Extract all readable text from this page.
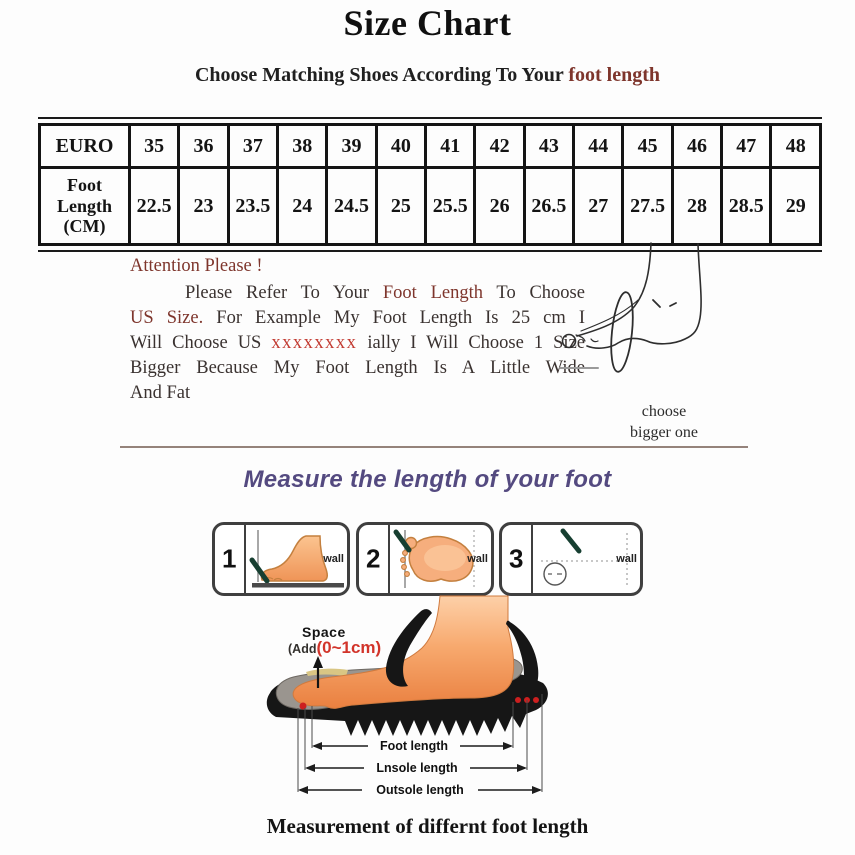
Size Chart
Choose Matching Shoes According To Your foot length
EURO	35	36	37	38	39	40	41	42	43	44	45	46	47	48
Foot Length (CM)	22.5	23	23.5	24	24.5	25	25.5	26	26.5	27	27.5	28	28.5	29
Attention Please !
Please Refer To Your Foot Length To Choose
US Size. For Example My Foot Length Is 25 cm I
Will Choose US xxxxxxxx ially I Will Choose 1 Size
Bigger Because My Foot Length Is A Little Wide
And Fat
choose
bigger one
Measure the length of your foot
wall
1	wall
2	wall
3
Foot length
Lnsole length
Outsole length
Space
(Add(0~1cm)
Measurement of differnt foot length
